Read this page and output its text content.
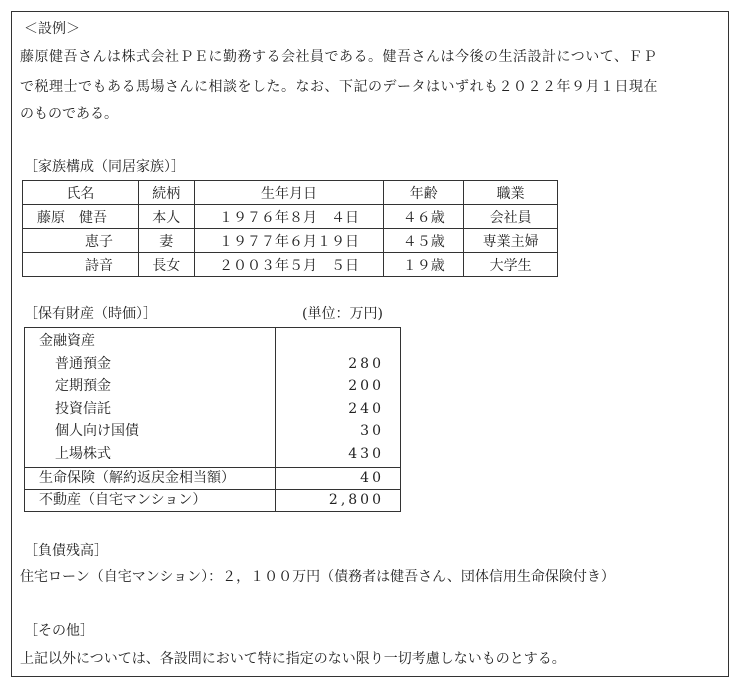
＜設例＞
藤原健吾さんは株式会社ＰＥに勤務する会社員である。健吾さんは今後の生活設計について、ＦＰ
で税理士でもある馬場さんに相談をした。なお、下記のデータはいずれも２０２２年９月１日現在
のものである。
［家族構成（同居家族）］
氏名	続柄	生年月日	年齢	職業
藤原　健吾	本人	１９７６年８月　４日	４６歳	会社員
恵子	妻	１９７７年６月１９日	４５歳	専業主婦
詩音	長女	２００３年５月　５日	１９歳	大学生
［保有財産（時価）］	(単位：万円)
金融資産
普通預金	280
定期預金	200
投資信託	240
個人向け国債	30
上場株式	430
生命保険（解約返戻金相当額）	40
不動産（自宅マンション）	2,800
［負債残高］
住宅ローン（自宅マンション）：２，１００万円（債務者は健吾さん、団体信用生命保険付き）
［その他］
上記以外については、各設問において特に指定のない限り一切考慮しないものとする。
